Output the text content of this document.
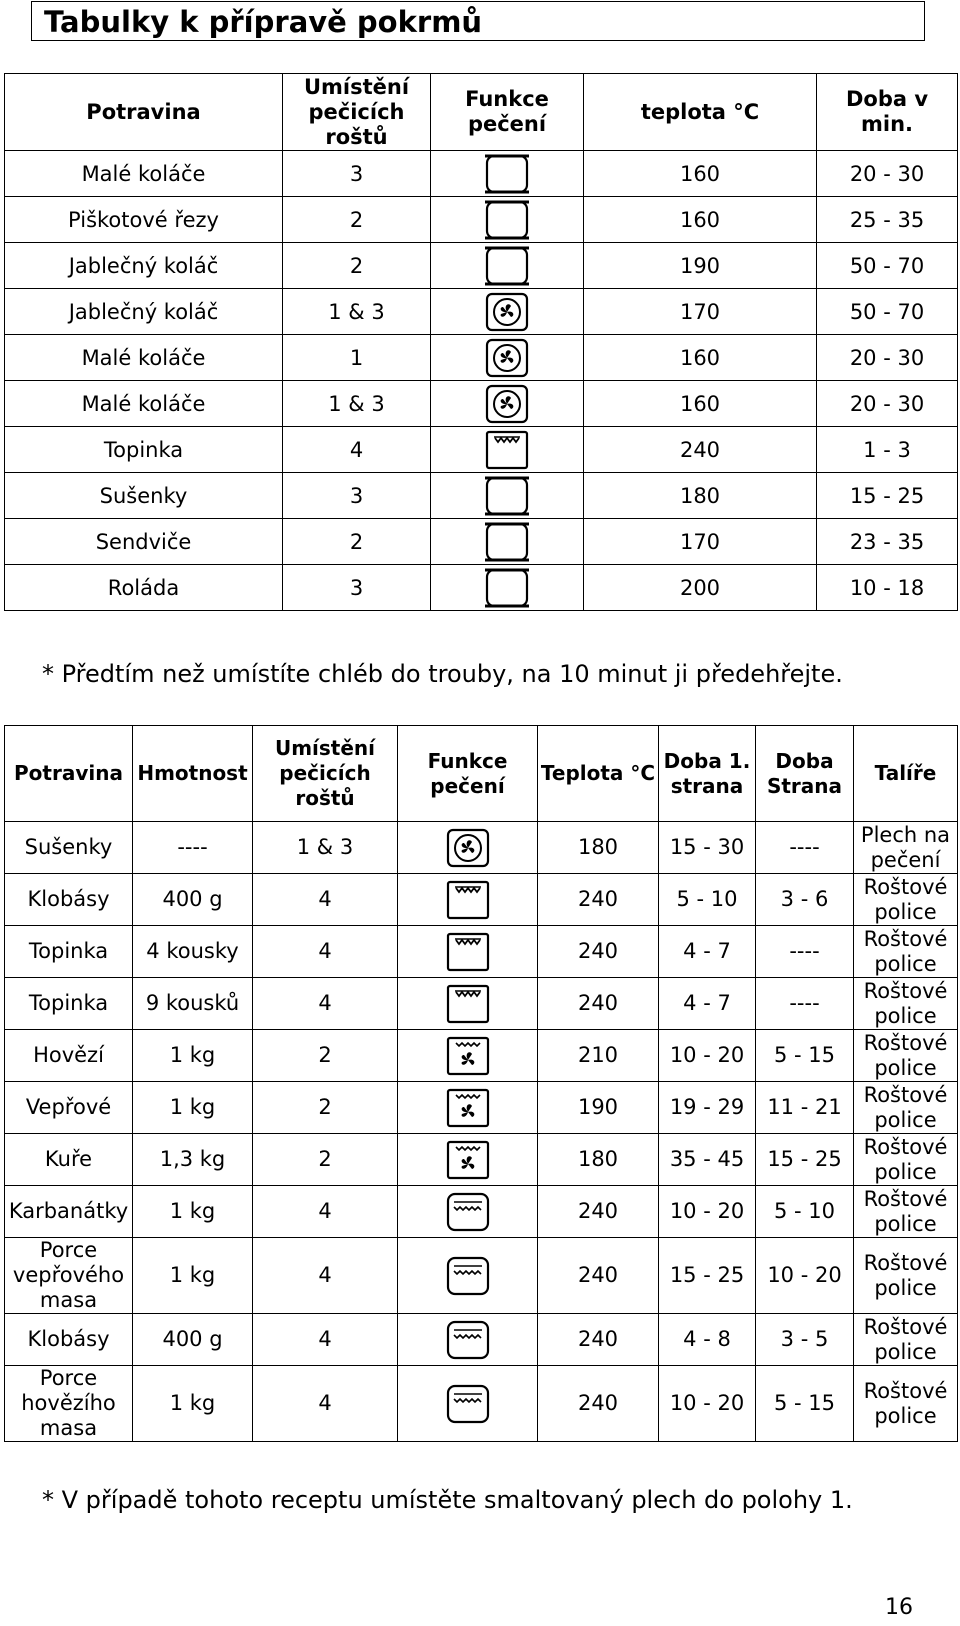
Tabulky k přípravě pokrmů
Potravina	Umístění pečicích roštů	Funkce pečení	teplota °C	Doba v min.
Malé koláče	3		160	20 - 30
Piškotové řezy	2		160	25 - 35
Jablečný koláč	2		190	50 - 70
Jablečný koláč	1 & 3		170	50 - 70
Malé koláče	1		160	20 - 30
Malé koláče	1 & 3		160	20 - 30
Topinka	4		240	1 - 3
Sušenky	3		180	15 - 25
Sendviče	2		170	23 - 35
Roláda	3		200	10 - 18
* Předtím než umístíte chléb do trouby, na 10 minut ji předehřejte.
Potravina	Hmotnost	Umístění pečicích roštů	Funkce pečení	Teplota °C	Doba 1. strana	Doba Strana	Talíře
Sušenky	----	1 & 3		180	15 - 30	----	Plech na pečení
Klobásy	400 g	4		240	5 - 10	3 - 6	Roštové police
Topinka	4 kousky	4		240	4 - 7	----	Roštové police
Topinka	9 kousků	4		240	4 - 7	----	Roštové police
Hovězí	1 kg	2		210	10 - 20	5 - 15	Roštové police
Vepřové	1 kg	2		190	19 - 29	11 - 21	Roštové police
Kuře	1,3 kg	2		180	35 - 45	15 - 25	Roštové police
Karbanátky	1 kg	4		240	10 - 20	5 - 10	Roštové police
Porce vepřového masa	1 kg	4		240	15 - 25	10 - 20	Roštové police
Klobásy	400 g	4		240	4 - 8	3 - 5	Roštové police
Porce hovězího masa	1 kg	4		240	10 - 20	5 - 15	Roštové police
* V případě tohoto receptu umístěte smaltovaný plech do polohy 1.
16
